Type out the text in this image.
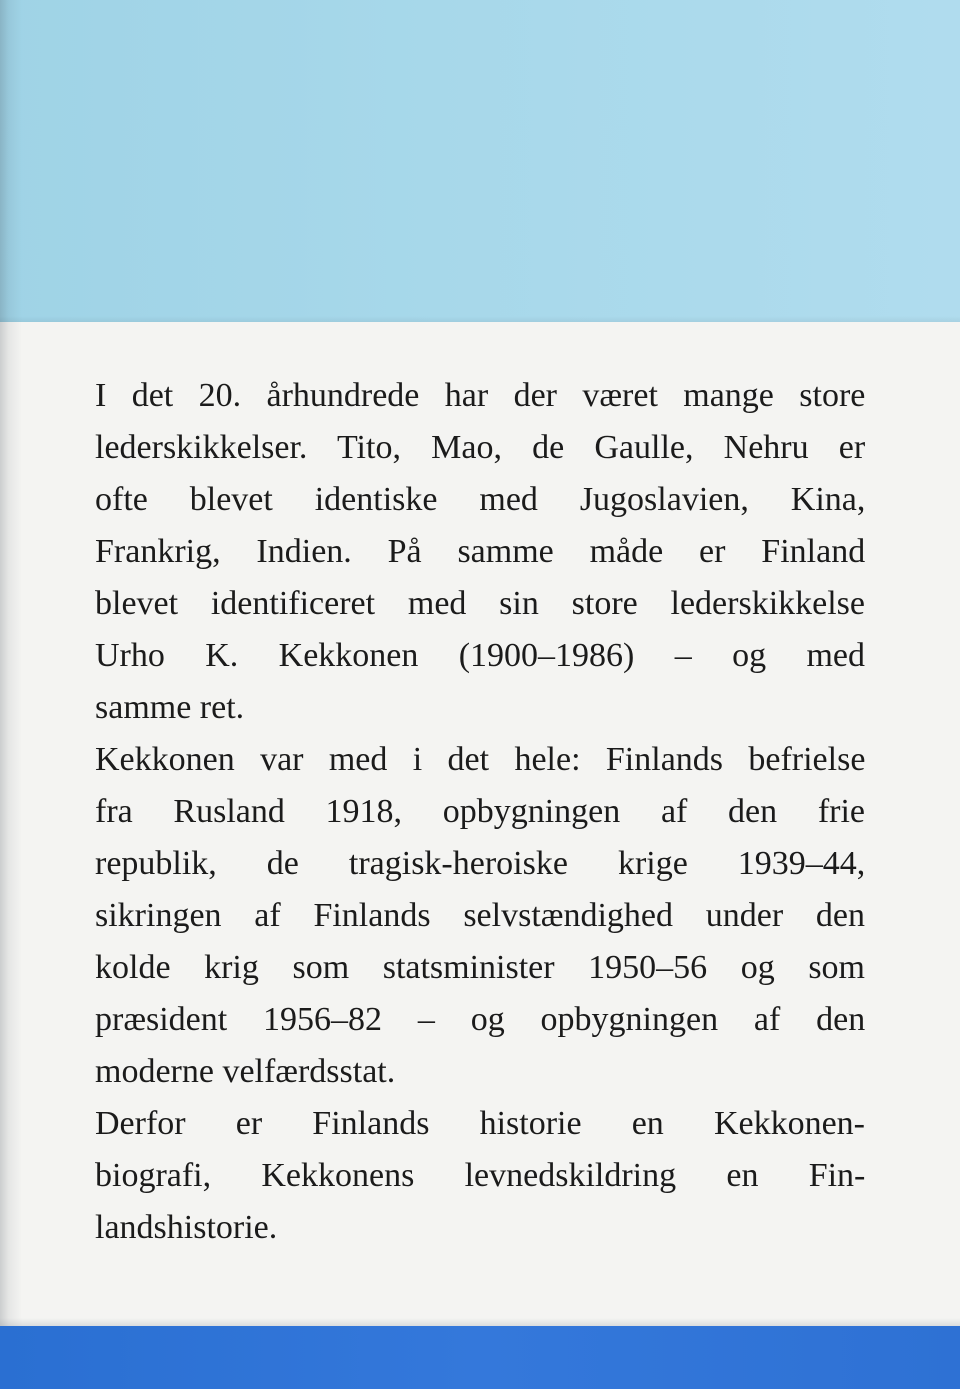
I det 20. århundrede har der været mange store
lederskikkelser. Tito, Mao, de Gaulle, Nehru er
ofte blevet identiske med Jugoslavien, Kina,
Frankrig, Indien. På samme måde er Finland
blevet identificeret med sin store lederskikkelse
Urho K. Kekkonen (1900–1986) – og med
samme ret.

Kekkonen var med i det hele: Finlands befrielse
fra Rusland 1918, opbygningen af den frie
republik, de tragisk-heroiske krige 1939–44,
sikringen af Finlands selvstændighed under den
kolde krig som statsminister 1950–56 og som
præsident 1956–82 – og opbygningen af den
moderne velfærdsstat.

Derfor er Finlands historie en Kekkonen-
biografi, Kekkonens levnedskildring en Fin-
landshistorie.
